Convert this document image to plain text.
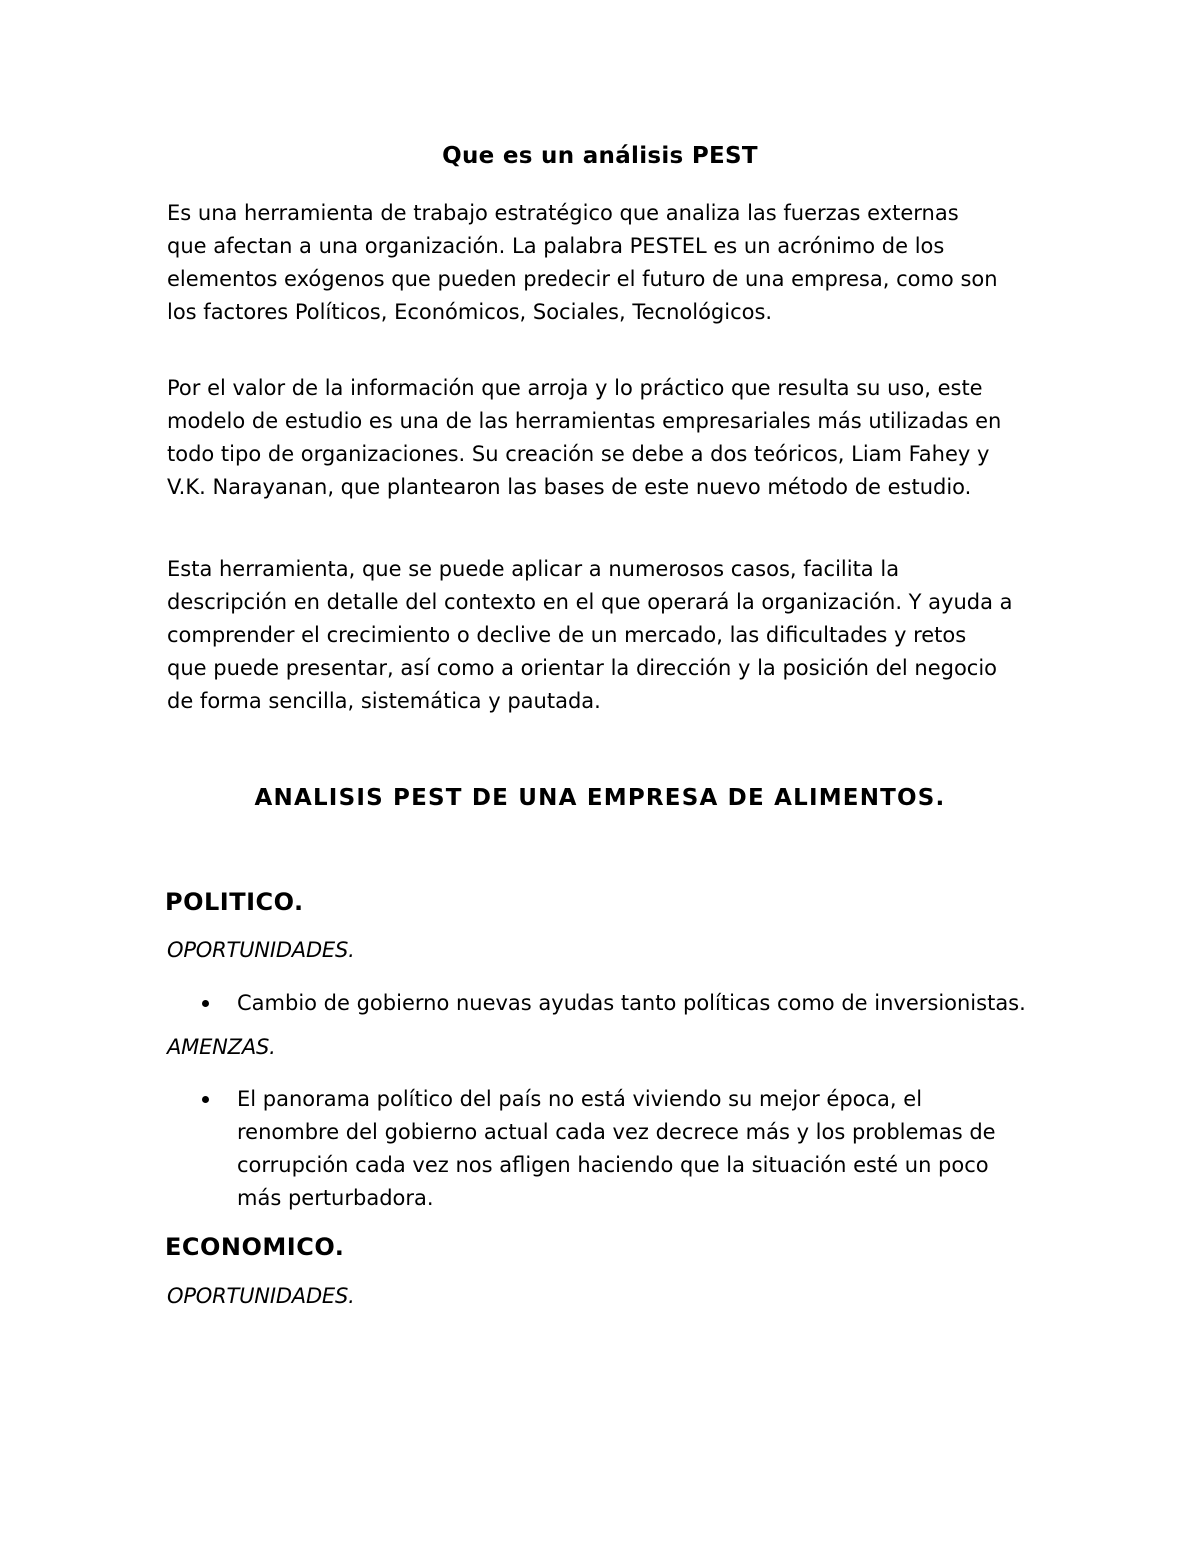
Que es un análisis PEST

Es una herramienta de trabajo estratégico que analiza las fuerzas externas
que afectan a una organización. La palabra PESTEL es un acrónimo de los
elementos exógenos que pueden predecir el futuro de una empresa, como son
los factores Políticos, Económicos, Sociales, Tecnológicos.

Por el valor de la información que arroja y lo práctico que resulta su uso, este
modelo de estudio es una de las herramientas empresariales más utilizadas en
todo tipo de organizaciones. Su creación se debe a dos teóricos, Liam Fahey y
V.K. Narayanan, que plantearon las bases de este nuevo método de estudio.

Esta herramienta, que se puede aplicar a numerosos casos, facilita la
descripción en detalle del contexto en el que operará la organización. Y ayuda a
comprender el crecimiento o declive de un mercado, las dificultades y retos
que puede presentar, así como a orientar la dirección y la posición del negocio
de forma sencilla, sistemática y pautada.

ANALISIS PEST DE UNA EMPRESA DE ALIMENTOS.
POLITICO.
OPORTUNIDADES.
Cambio de gobierno nuevas ayudas tanto políticas como de inversionistas.
AMENZAS.
El panorama político del país no está viviendo su mejor época, el
renombre del gobierno actual cada vez decrece más y los problemas de
corrupción cada vez nos afligen haciendo que la situación esté un poco
más perturbadora.
ECONOMICO.
OPORTUNIDADES.
